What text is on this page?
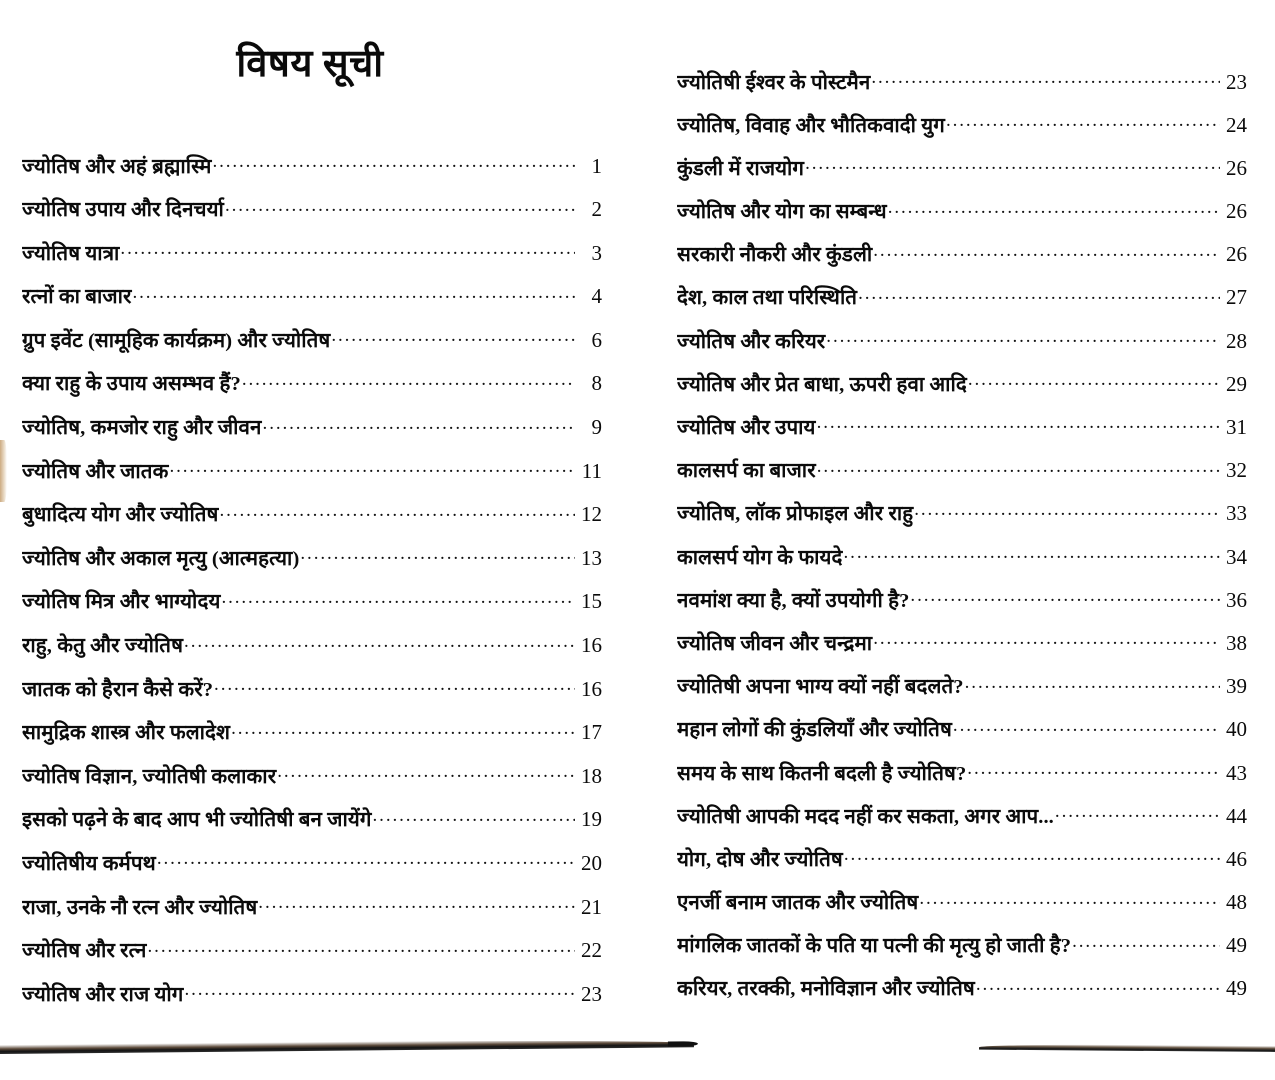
विषय सूची
ज्योतिष और अहं ब्रह्मास्मि .....	1
ज्योतिष उपाय और दिनचर्या .....	2
ज्योतिष यात्रा .....	3
रत्नों का बाजार .....	4
ग्रुप इवेंट (सामूहिक कार्यक्रम) और ज्योतिष .....	6
क्या राहु के उपाय असम्भव हैं? .....	8
ज्योतिष, कमजोर राहु और जीवन .....	9
ज्योतिष और जातक .....	11
बुधादित्य योग और ज्योतिष .....	12
ज्योतिष और अकाल मृत्यु (आत्महत्या) .....	13
ज्योतिष मित्र और भाग्योदय .....	15
राहु, केतु और ज्योतिष .....	16
जातक को हैरान कैसे करें? .....	16
सामुद्रिक शास्त्र और फलादेश .....	17
ज्योतिष विज्ञान, ज्योतिषी कलाकार .....	18
इसको पढ़ने के बाद आप भी ज्योतिषी बन जायेंगे .....	19
ज्योतिषीय कर्मपथ .....	20
राजा, उनके नौ रत्न और ज्योतिष .....	21
ज्योतिष और रत्न .....	22
ज्योतिष और राज योग .....	23
ज्योतिषी ईश्वर के पोस्टमैन .....	23
ज्योतिष, विवाह और भौतिकवादी युग .....	24
कुंडली में राजयोग .....	26
ज्योतिष और योग का सम्बन्ध .....	26
सरकारी नौकरी और कुंडली .....	26
देश, काल तथा परिस्थिति .....	27
ज्योतिष और करियर .....	28
ज्योतिष और प्रेत बाधा, ऊपरी हवा आदि .....	29
ज्योतिष और उपाय .....	31
कालसर्प का बाजार .....	32
ज्योतिष, लॉक प्रोफाइल और राहु .....	33
कालसर्प योग के फायदे .....	34
नवमांश क्या है, क्यों उपयोगी है? .....	36
ज्योतिष जीवन और चन्द्रमा .....	38
ज्योतिषी अपना भाग्य क्यों नहीं बदलते? .....	39
महान लोगों की कुंडलियाँ और ज्योतिष .....	40
समय के साथ कितनी बदली है ज्योतिष? .....	43
ज्योतिषी आपकी मदद नहीं कर सकता, अगर आप... .....	44
योग, दोष और ज्योतिष .....	46
एनर्जी बनाम जातक और ज्योतिष .....	48
मांगलिक जातकों के पति या पत्नी की मृत्यु हो जाती है? .....	49
करियर, तरक्की, मनोविज्ञान और ज्योतिष .....	49
